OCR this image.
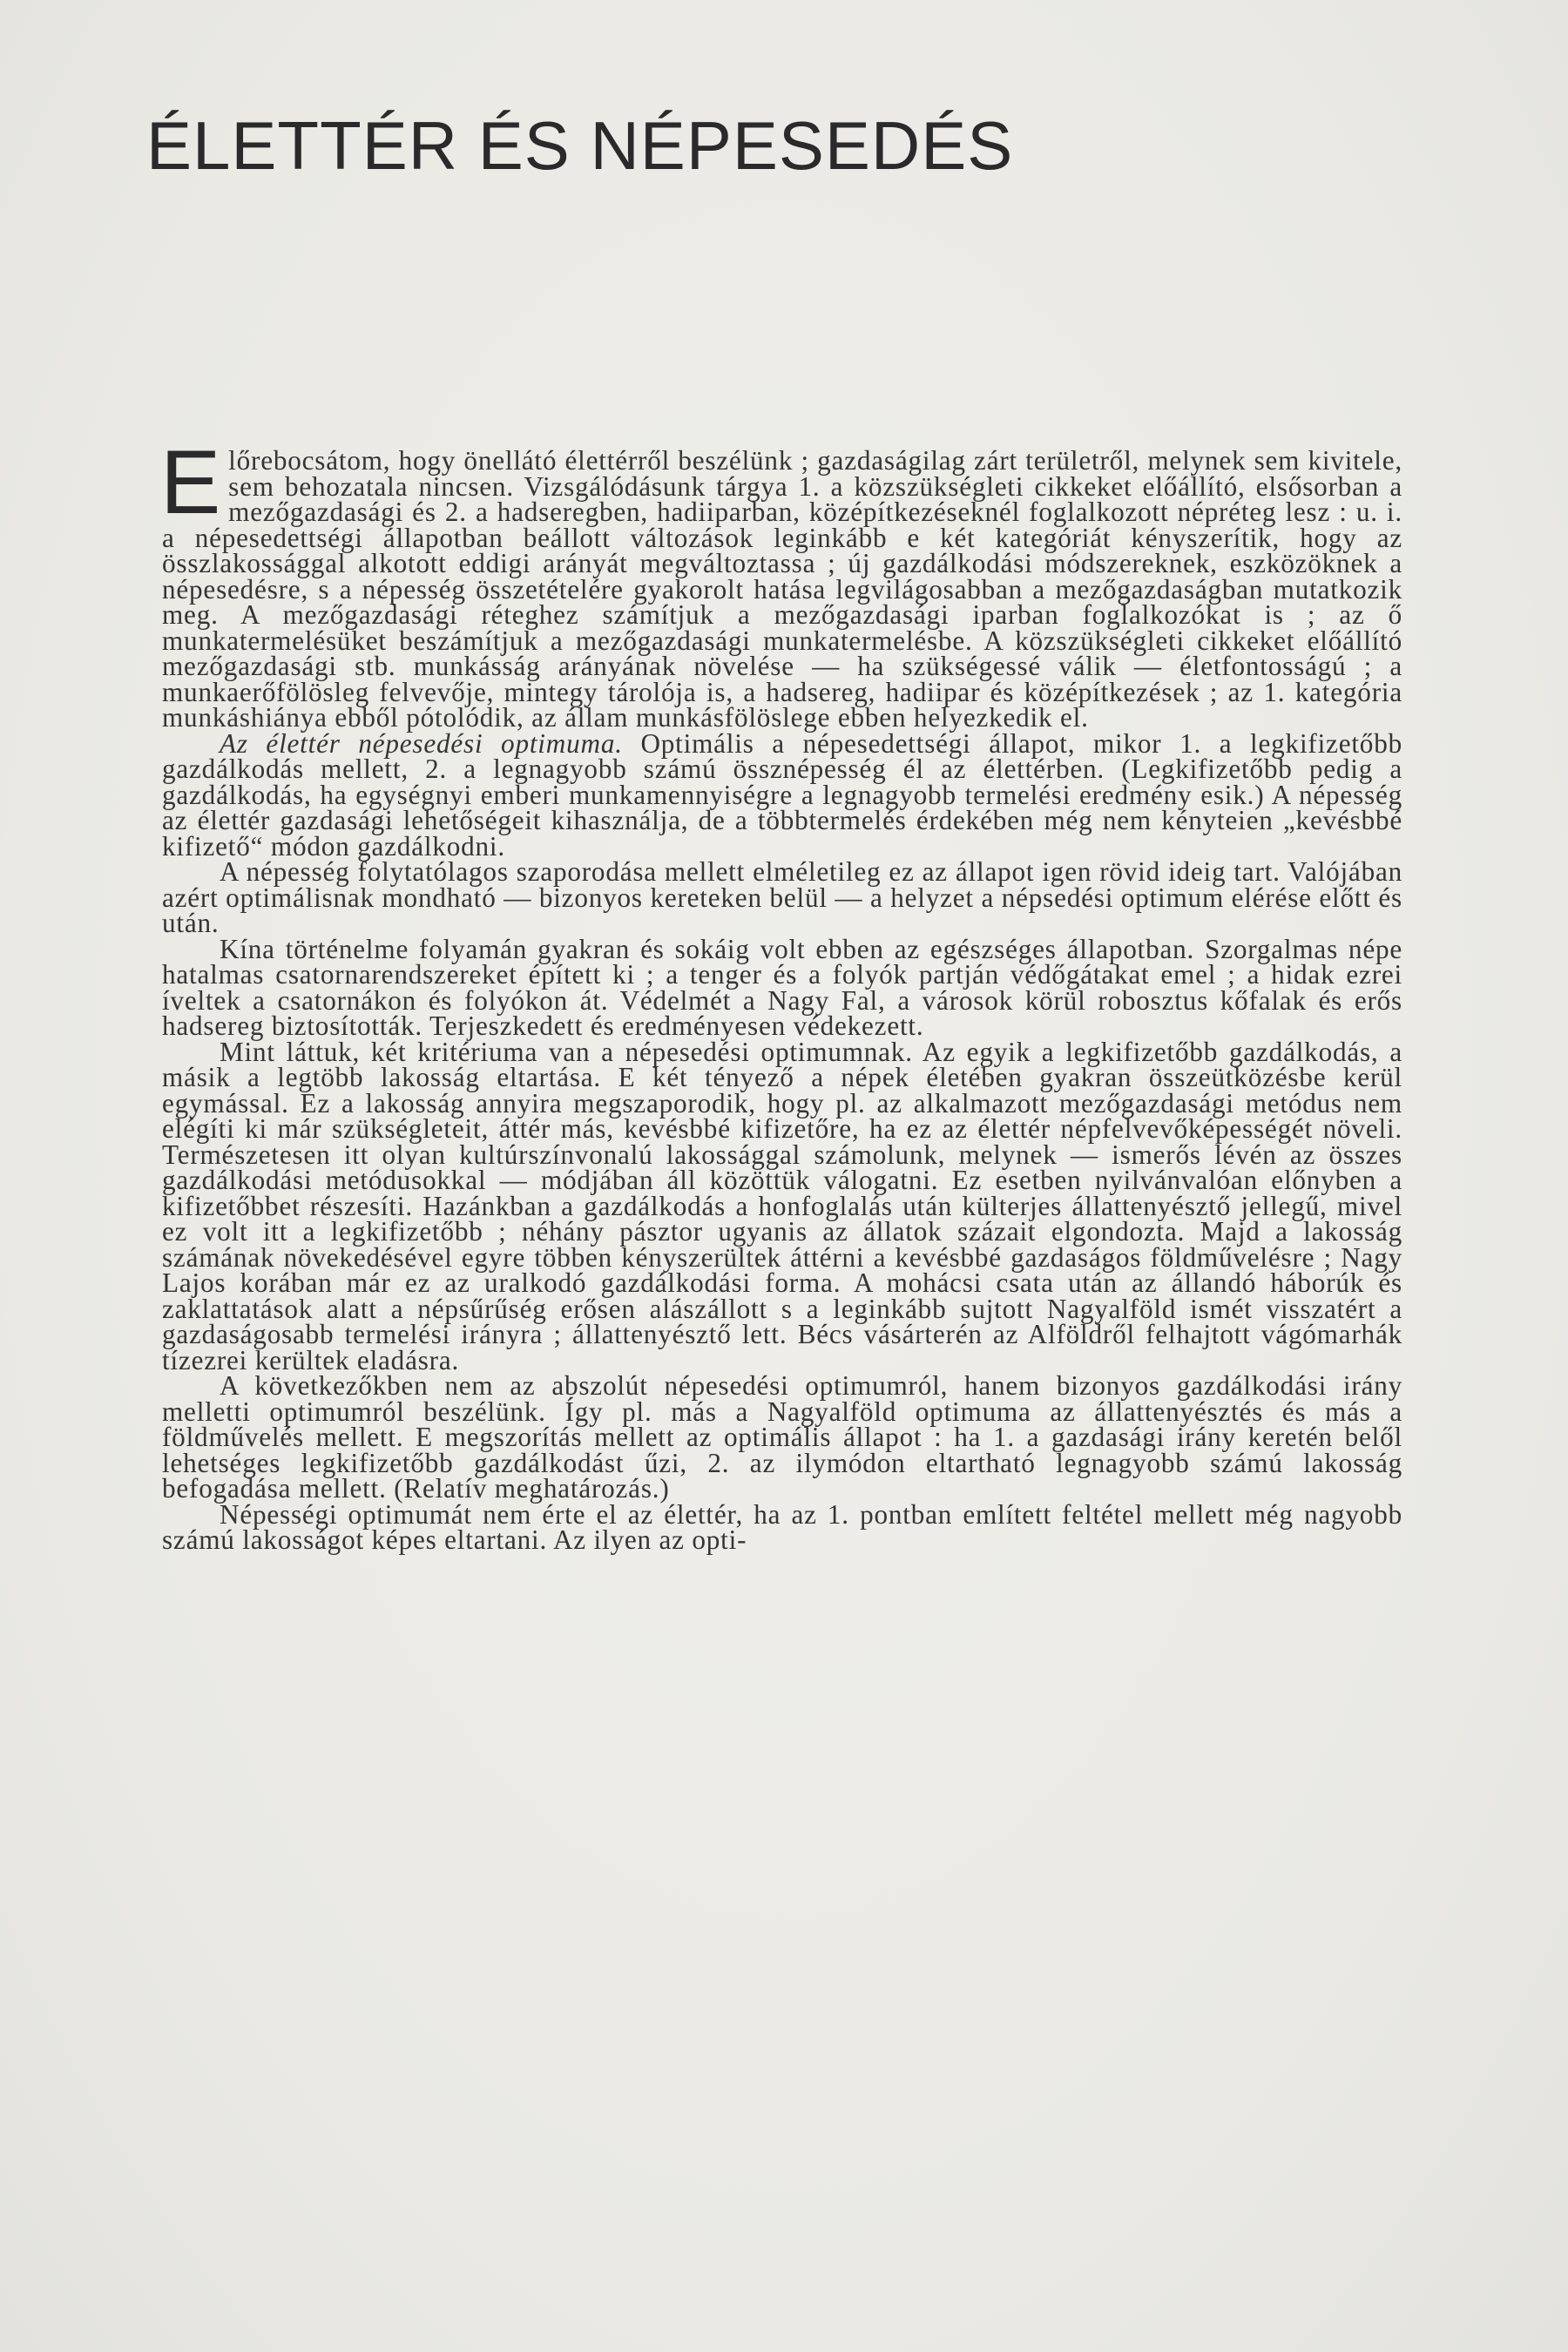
ÉLETTÉR ÉS NÉPESEDÉS

Előrebocsátom, hogy önellátó élettérről beszélünk ; gazdaságilag zárt területről, melynek sem kivitele, sem behozatala nincsen. Vizsgálódásunk tárgya 1. a közszükségleti cikkeket előállító, elsősorban a mezőgazdasági és 2. a hadseregben, hadiiparban, középítkezéseknél foglalkozott népréteg lesz : u. i. a népesedettségi állapotban beállott változások leginkább e két kategóriát kényszerítik, hogy az összlakossággal alkotott eddigi arányát megváltoztassa ; új gazdálkodási módszereknek, eszközöknek a népesedésre, s a népesség összetételére gyakorolt hatása legvilágosabban a mezőgazdaságban mutatkozik meg. A mezőgazdasági réteghez számítjuk a mezőgazdasági iparban foglalkozókat is ; az ő munkatermelésüket beszámítjuk a mezőgazdasági munkatermelésbe. A közszükségleti cikkeket előállító mezőgazdasági stb. munkásság arányának növelése — ha szükségessé válik — életfontosságú ; a munkaerőfölösleg felvevője, mintegy tárolója is, a hadsereg, hadiipar és középítkezések ; az 1. kategória munkáshiánya ebből pótolódik, az állam munkásfölöslege ebben helyezkedik el.

Az élettér népesedési optimuma. Optimális a népesedettségi állapot, mikor 1. a legkifizetőbb gazdálkodás mellett, 2. a legnagyobb számú össznépesség él az élettérben. (Legkifizetőbb pedig a gazdálkodás, ha egységnyi emberi munkamennyiségre a legnagyobb termelési eredmény esik.) A népesség az élettér gazdasági lehetőségeit kihasználja, de a többtermelés érdekében még nem kényteien „kevésbbé kifizető“ módon gazdálkodni.

A népesség folytatólagos szaporodása mellett elméletileg ez az állapot igen rövid ideig tart. Valójában azért optimálisnak mondható — bizonyos kereteken belül — a helyzet a népsedési optimum elérése előtt és után.

Kína történelme folyamán gyakran és sokáig volt ebben az egészséges állapotban. Szorgalmas népe hatalmas csatornarendszereket épített ki ; a tenger és a folyók partján védőgátakat emel ; a hidak ezrei íveltek a csatornákon és folyókon át. Védelmét a Nagy Fal, a városok körül robosztus kőfalak és erős hadsereg biztosították. Terjeszkedett és eredményesen védekezett.

Mint láttuk, két kritériuma van a népesedési optimumnak. Az egyik a legkifizetőbb gazdálkodás, a másik a legtöbb lakosság eltartása. E két tényező a népek életében gyakran összeütközésbe kerül egymással. Ez a lakosság annyira megszaporodik, hogy pl. az alkalmazott mezőgazdasági metódus nem elégíti ki már szükségleteit, áttér más, kevésbbé kifizetőre, ha ez az élettér népfelvevőképességét növeli. Természetesen itt olyan kultúrszínvonalú lakossággal számolunk, melynek — ismerős lévén az összes gazdálkodási metódusokkal — módjában áll közöttük válogatni. Ez esetben nyilvánvalóan előnyben a kifizetőbbet részesíti. Hazánkban a gazdálkodás a honfoglalás után külterjes állattenyésztő jellegű, mivel ez volt itt a legkifizetőbb ; néhány pásztor ugyanis az állatok százait elgondozta. Majd a lakosság számának növekedésével egyre többen kényszerültek áttérni a kevésbbé gazdaságos földművelésre ; Nagy Lajos korában már ez az uralkodó gazdálkodási forma. A mohácsi csata után az állandó háborúk és zaklattatások alatt a népsűrűség erősen alászállott s a leginkább sujtott Nagyalföld ismét visszatért a gazdaságosabb termelési irányra ; állattenyésztő lett. Bécs vásárterén az Alföldről felhajtott vágómarhák tízezrei kerültek eladásra.

A következőkben nem az abszolút népesedési optimumról, hanem bizonyos gazdálkodási irány melletti optimumról beszélünk. Így pl. más a Nagyalföld optimuma az állattenyésztés és más a földművelés mellett. E megszorítás mellett az optimális állapot : ha 1. a gazdasági irány keretén belől lehetséges legkifizetőbb gazdálkodást űzi, 2. az ilymódon eltartható legnagyobb számú lakosság befogadása mellett. (Relatív meghatározás.)

Népességi optimumát nem érte el az élettér, ha az 1. pontban említett feltétel mellett még nagyobb számú lakosságot képes eltartani. Az ilyen az opti-
